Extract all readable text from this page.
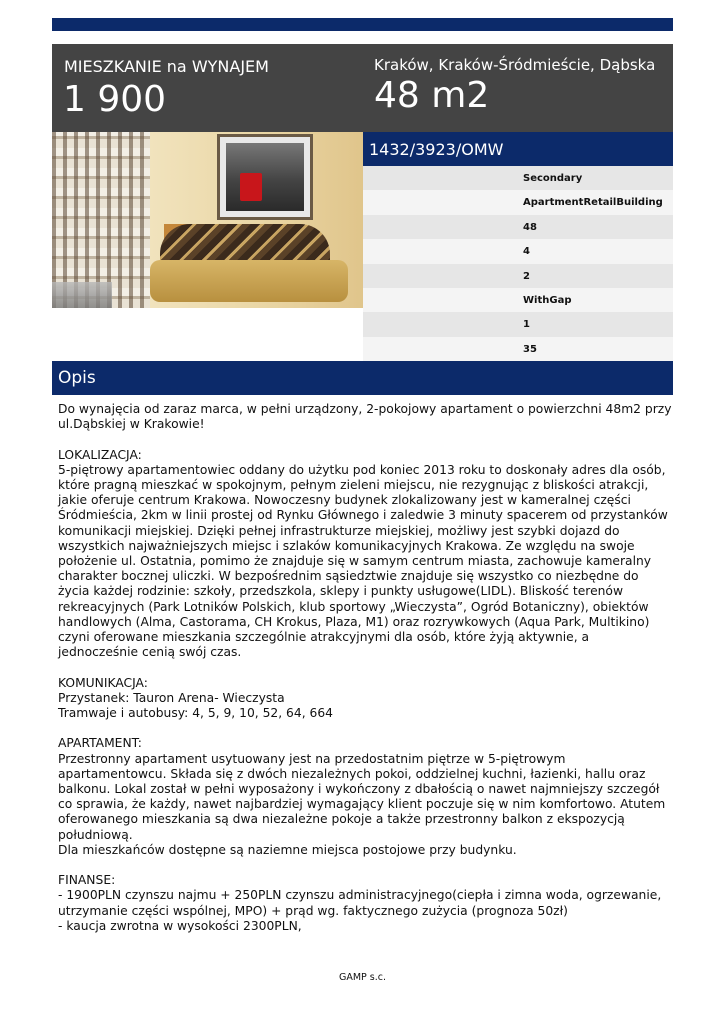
MIESZKANIE na WYNAJEM
1 900
Kraków, Kraków-Śródmieście, Dąbska
48 m2
1432/3923/OMW
Secondary
ApartmentRetailBuilding
48
4
2
WithGap
1
35
Opis
Do wynajęcia od zaraz marca, w pełni urządzony, 2-pokojowy apartament o powierzchni 48m2 przy
ul.Dąbskiej w Krakowie!
LOKALIZACJA:
5-piętrowy apartamentowiec oddany do użytku pod koniec 2013 roku to doskonały adres dla osób,
które pragną mieszkać w spokojnym, pełnym zieleni miejscu, nie rezygnując z bliskości atrakcji,
jakie oferuje centrum Krakowa. Nowoczesny budynek zlokalizowany jest w kameralnej części
Śródmieścia, 2km w linii prostej od Rynku Głównego i zaledwie 3 minuty spacerem od przystanków
komunikacji miejskiej. Dzięki pełnej infrastrukturze miejskiej, możliwy jest szybki dojazd do
wszystkich najważniejszych miejsc i szlaków komunikacyjnych Krakowa. Ze względu na swoje
położenie ul. Ostatnia, pomimo że znajduje się w samym centrum miasta, zachowuje kameralny
charakter bocznej uliczki. W bezpośrednim sąsiedztwie znajduje się wszystko co niezbędne do
życia każdej rodzinie: szkoły, przedszkola, sklepy i punkty usługowe(LIDL). Bliskość terenów
rekreacyjnych (Park Lotników Polskich, klub sportowy „Wieczysta”, Ogród Botaniczny), obiektów
handlowych (Alma, Castorama, CH Krokus, Plaza, M1) oraz rozrywkowych (Aqua Park, Multikino)
czyni oferowane mieszkania szczególnie atrakcyjnymi dla osób, które żyją aktywnie, a
jednocześnie cenią swój czas.
KOMUNIKACJA:
Przystanek: Tauron Arena- Wieczysta
Tramwaje i autobusy: 4, 5, 9, 10, 52, 64, 664
APARTAMENT:
Przestronny apartament usytuowany jest na przedostatnim piętrze w 5-piętrowym
apartamentowcu. Składa się z dwóch niezależnych pokoi, oddzielnej kuchni, łazienki, hallu oraz
balkonu. Lokal został w pełni wyposażony i wykończony z dbałością o nawet najmniejszy szczegół
co sprawia, że każdy, nawet najbardziej wymagający klient poczuje się w nim komfortowo. Atutem
oferowanego mieszkania są dwa niezależne pokoje a także przestronny balkon z ekspozycją
południową.
Dla mieszkańców dostępne są naziemne miejsca postojowe przy budynku.
FINANSE:
- 1900PLN czynszu najmu + 250PLN czynszu administracyjnego(ciepła i zimna woda, ogrzewanie,
utrzymanie części wspólnej, MPO) + prąd wg. faktycznego zużycia (prognoza 50zł)
- kaucja zwrotna w wysokości 2300PLN,
GAMP s.c.
